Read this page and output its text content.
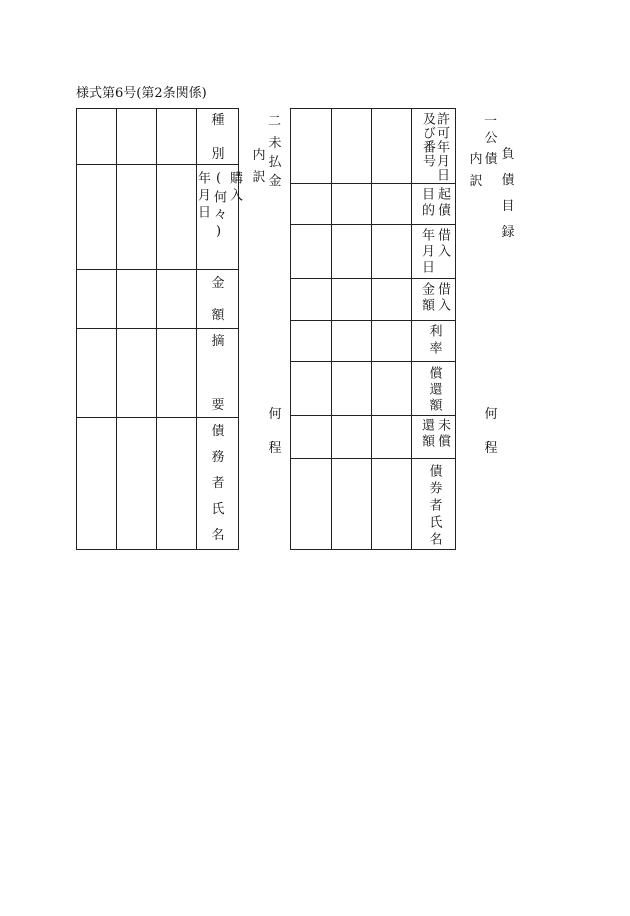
様式第6号(第2条関係)
負
債
目
録
一
公
債
内
訳
何
程
二
未
払
金
内
訳
何
程
許可年月日 及び番号
起債 目的
借入 年月日
借入 金額
利率
償還額
未償 還額
債券者氏名
種
別
購入(何々) 年月日
金
額
摘
要
債
務
者
氏
名
